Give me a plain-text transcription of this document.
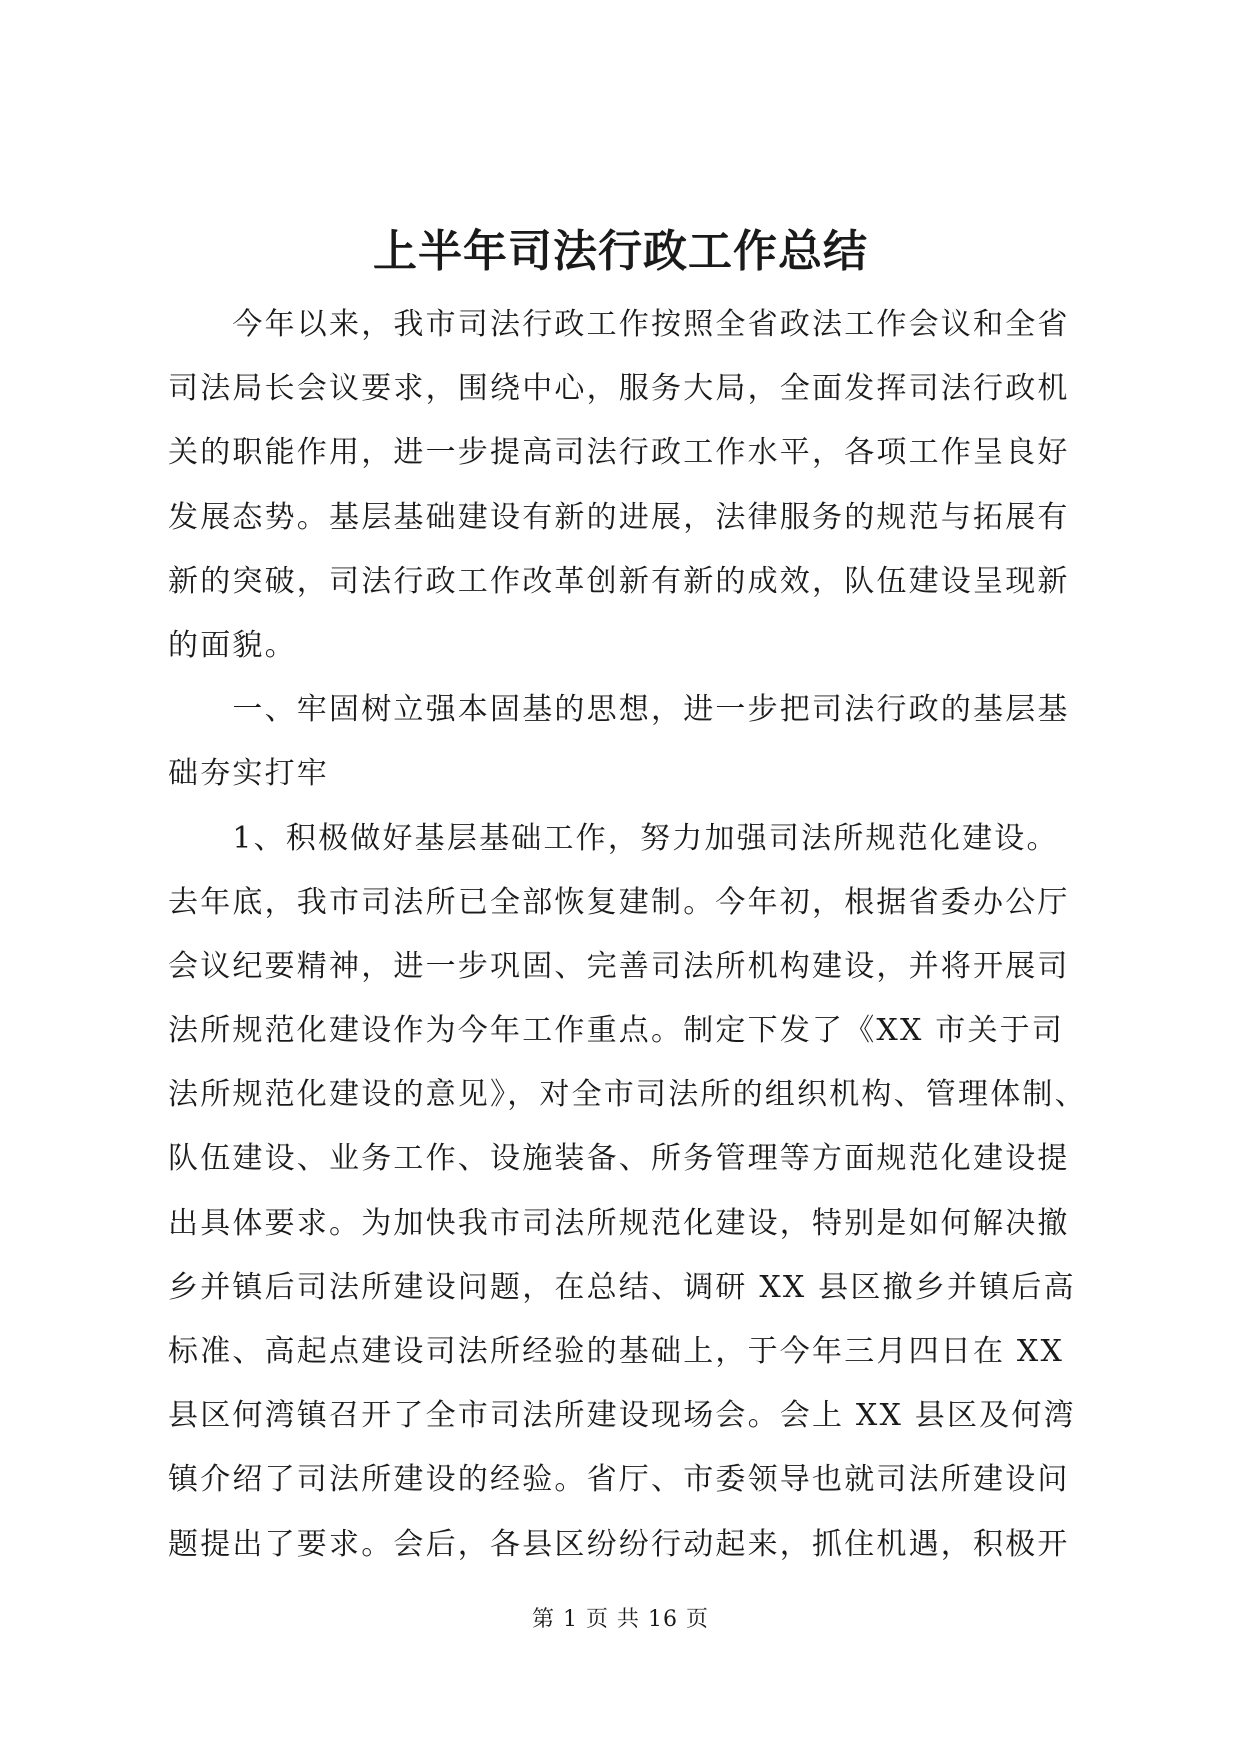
上半年司法行政工作总结
　　今年以来，我市司法行政工作按照全省政法工作会议和全省
司法局长会议要求，围绕中心，服务大局，全面发挥司法行政机
关的职能作用，进一步提高司法行政工作水平，各项工作呈良好
发展态势。基层基础建设有新的进展，法律服务的规范与拓展有
新的突破，司法行政工作改革创新有新的成效，队伍建设呈现新
的面貌。
　　一、牢固树立强本固基的思想，进一步把司法行政的基层基
础夯实打牢
　　1、积极做好基层基础工作，努力加强司法所规范化建设。
去年底，我市司法所已全部恢复建制。今年初，根据省委办公厅
会议纪要精神，进一步巩固、完善司法所机构建设，并将开展司
法所规范化建设作为今年工作重点。制定下发了《XX 市关于司
法所规范化建设的意见》，对全市司法所的组织机构、管理体制、
队伍建设、业务工作、设施装备、所务管理等方面规范化建设提
出具体要求。为加快我市司法所规范化建设，特别是如何解决撤
乡并镇后司法所建设问题，在总结、调研 XX 县区撤乡并镇后高
标准、高起点建设司法所经验的基础上，于今年三月四日在 XX
县区何湾镇召开了全市司法所建设现场会。会上 XX 县区及何湾
镇介绍了司法所建设的经验。省厅、市委领导也就司法所建设问
题提出了要求。会后，各县区纷纷行动起来，抓住机遇，积极开
第 1 页 共 16 页
